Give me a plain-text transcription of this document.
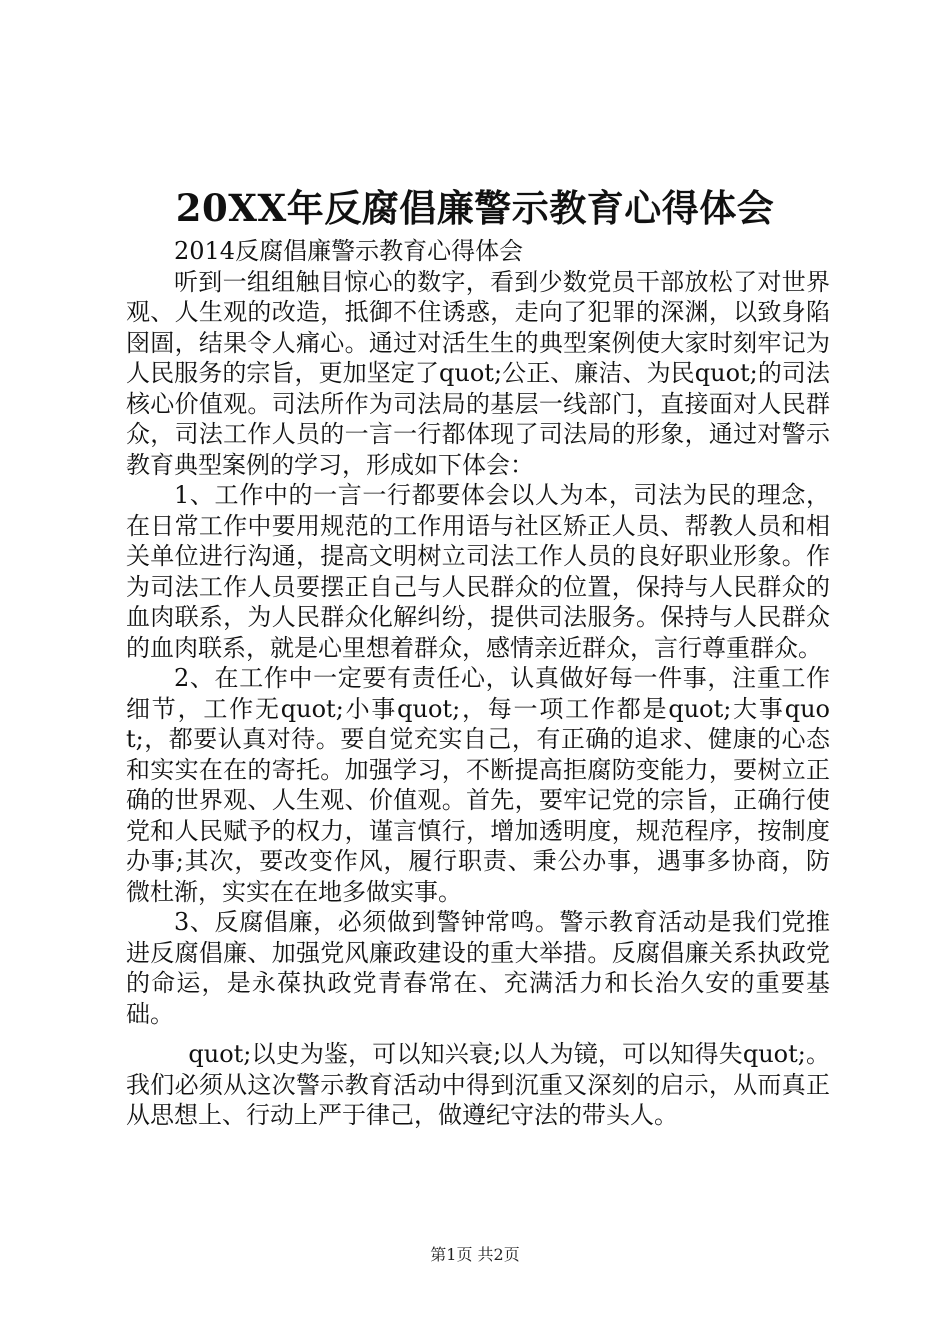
20XX年反腐倡廉警示教育心得体会

2014反腐倡廉警示教育心得体会

听到一组组触目惊心的数字，看到少数党员干部放松了对世界观、人生观的改造，抵御不住诱惑，走向了犯罪的深渊，以致身陷囹圄，结果令人痛心。通过对活生生的典型案例使大家时刻牢记为人民服务的宗旨，更加坚定了quot;公正、廉洁、为民quot;的司法核心价值观。司法所作为司法局的基层一线部门，直接面对人民群众，司法工作人员的一言一行都体现了司法局的形象，通过对警示教育典型案例的学习，形成如下体会：

1、工作中的一言一行都要体会以人为本，司法为民的理念，在日常工作中要用规范的工作用语与社区矫正人员、帮教人员和相关单位进行沟通，提高文明树立司法工作人员的良好职业形象。作为司法工作人员要摆正自己与人民群众的位置，保持与人民群众的血肉联系，为人民群众化解纠纷，提供司法服务。保持与人民群众的血肉联系，就是心里想着群众，感情亲近群众，言行尊重群众。

2、在工作中一定要有责任心，认真做好每一件事，注重工作细节，工作无quot;小事quot;，每一项工作都是quot;大事quot;，都要认真对待。要自觉充实自己，有正确的追求、健康的心态和实实在在的寄托。加强学习，不断提高拒腐防变能力，要树立正确的世界观、人生观、价值观。首先，要牢记党的宗旨，正确行使党和人民赋予的权力，谨言慎行，增加透明度，规范程序，按制度办事;其次，要改变作风，履行职责、秉公办事，遇事多协商，防微杜渐，实实在在地多做实事。

3、反腐倡廉，必须做到警钟常鸣。警示教育活动是我们党推进反腐倡廉、加强党风廉政建设的重大举措。反腐倡廉关系执政党的命运，是永葆执政党青春常在、充满活力和长治久安的重要基础。

quot;以史为鉴，可以知兴衰;以人为镜，可以知得失quot;。我们必须从这次警示教育活动中得到沉重又深刻的启示，从而真正从思想上、行动上严于律己，做遵纪守法的带头人。

第1页 共2页
